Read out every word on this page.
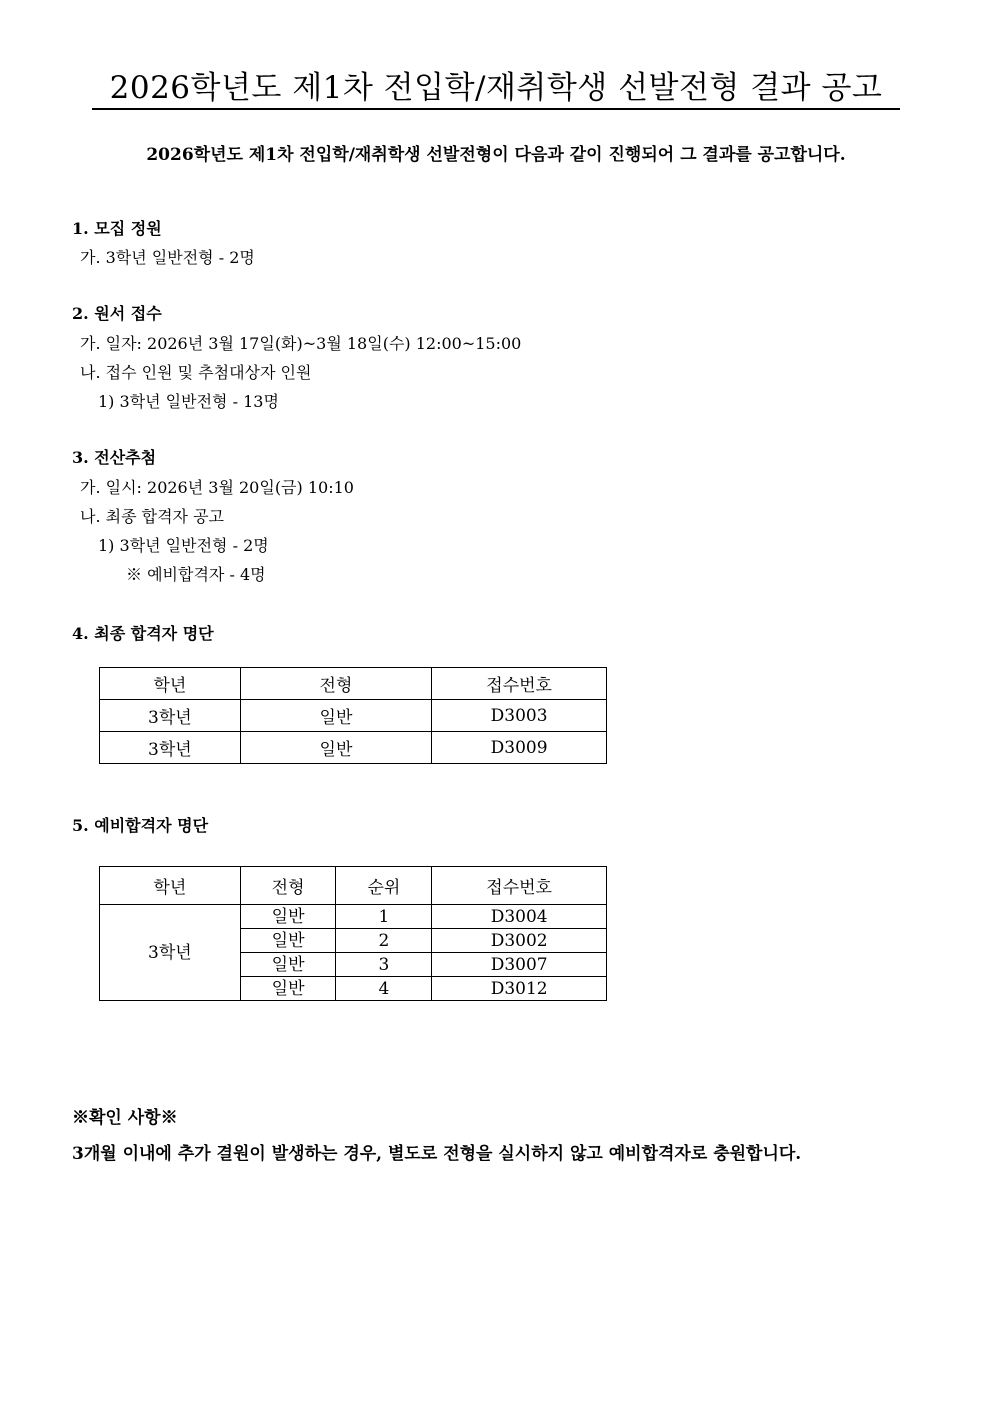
2026학년도 제1차 전입학/재취학생 선발전형 결과 공고
2026학년도 제1차 전입학/재취학생 선발전형이 다음과 같이 진행되어 그 결과를 공고합니다.
1. 모집 정원
가. 3학년 일반전형 - 2명
2. 원서 접수
가. 일자: 2026년 3월 17일(화)~3월 18일(수) 12:00~15:00
나. 접수 인원 및 추첨대상자 인원
1) 3학년 일반전형 - 13명
3. 전산추첨
가. 일시: 2026년 3월 20일(금) 10:10
나. 최종 합격자 공고
1) 3학년 일반전형 - 2명
※ 예비합격자 - 4명
4. 최종 합격자 명단
학년	전형	접수번호
3학년	일반	D3003
3학년	일반	D3009
5. 예비합격자 명단
학년	전형	순위	접수번호
3학년	일반	1	D3004
	일반	2	D3002
	일반	3	D3007
	일반	4	D3012
※확인 사항※
3개월 이내에 추가 결원이 발생하는 경우, 별도로 전형을 실시하지 않고 예비합격자로 충원합니다.
